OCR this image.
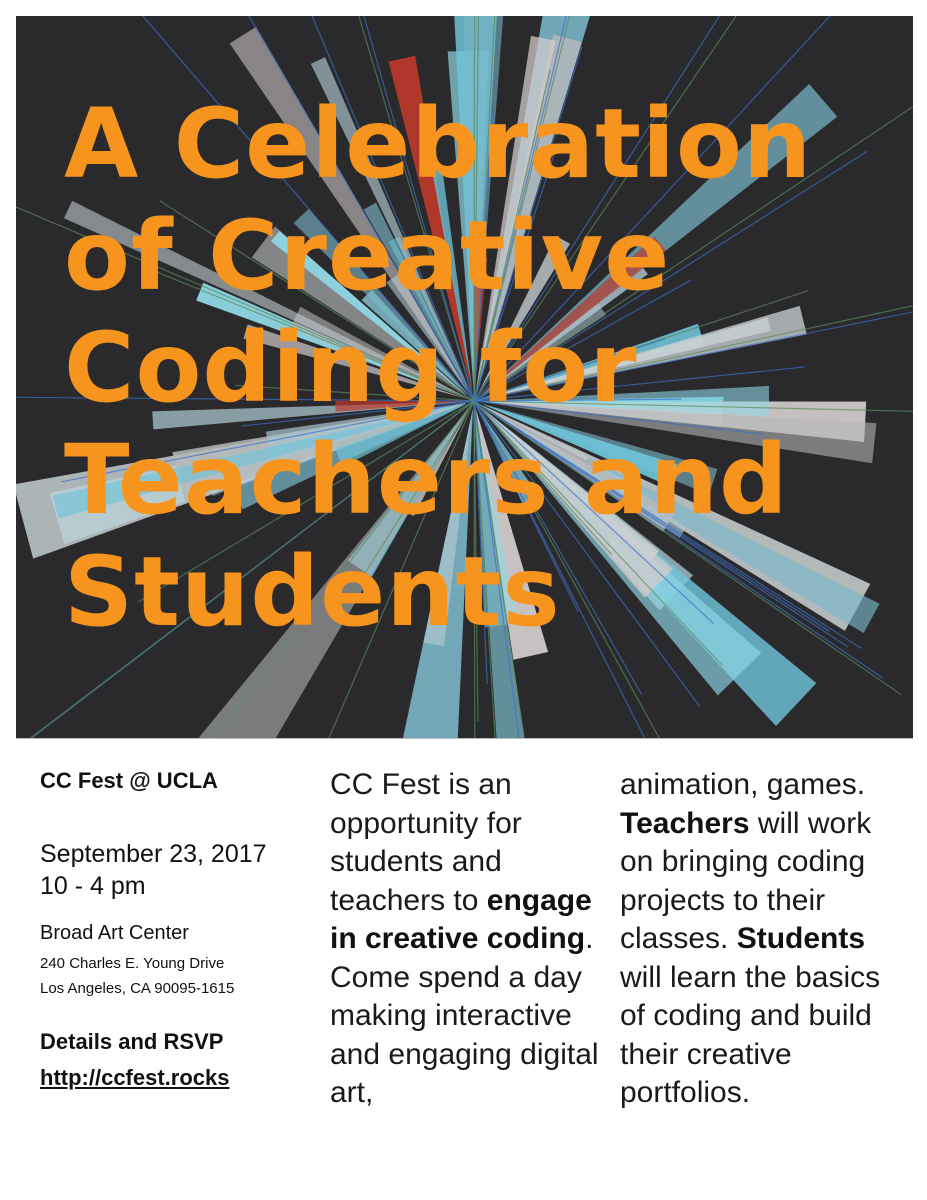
A Celebration of Creative Coding for Teachers and Students

CC Fest @ UCLA

September 23, 2017
10 - 4 pm

Broad Art Center

240 Charles E. Young Drive
Los Angeles, CA 90095-1615

Details and RSVP

http://ccfest.rocks
CC Fest is an opportunity for students and teachers to engage in creative coding. Come spend a day making interactive and engaging digital art,
animation, games. Teachers will work on bringing coding projects to their classes. Students will learn the basics of coding and build their creative portfolios.
